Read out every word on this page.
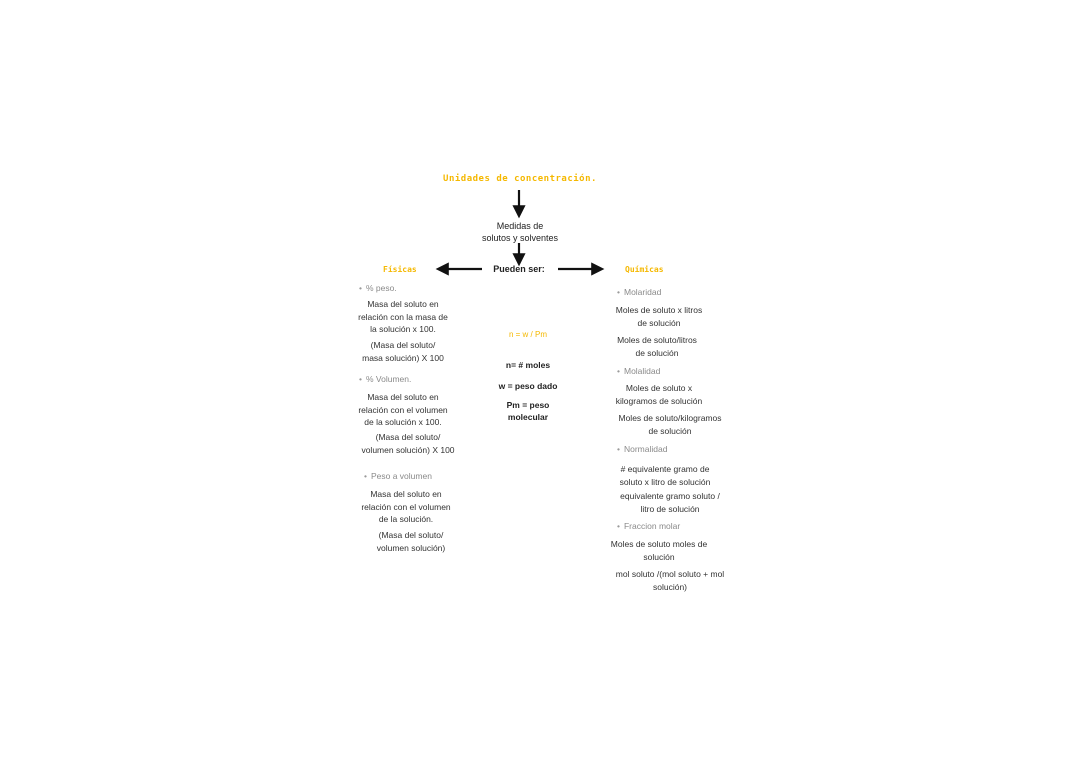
Unidades de concentración.
Medidas de
solutos y solventes
Pueden ser:
Físicas	Químicas
n = w / Pm
n= # moles
w = peso dado
Pm = peso
molecular
• % peso.
Masa del soluto en
relación con la masa de
la solución x 100.
(Masa del soluto/
masa solución) X 100
• % Volumen.
Masa del soluto en
relación con el volumen
de la solución x 100.
(Masa del soluto/
volumen solución) X 100
• Peso a volumen
Masa del soluto en
relación con el volumen
de la solución.
(Masa del soluto/
volumen solución)
• Molaridad
Moles de soluto x litros
de solución
Moles de soluto/litros
de solución
• Molalidad
Moles de soluto x
kilogramos de solución
Moles de soluto/kilogramos
de solución
• Normalidad
# equivalente gramo de
soluto x litro de solución
equivalente gramo soluto /
litro de solución
• Fraccion molar
Moles de soluto moles de
solución
mol soluto /(mol soluto + mol
solución)
